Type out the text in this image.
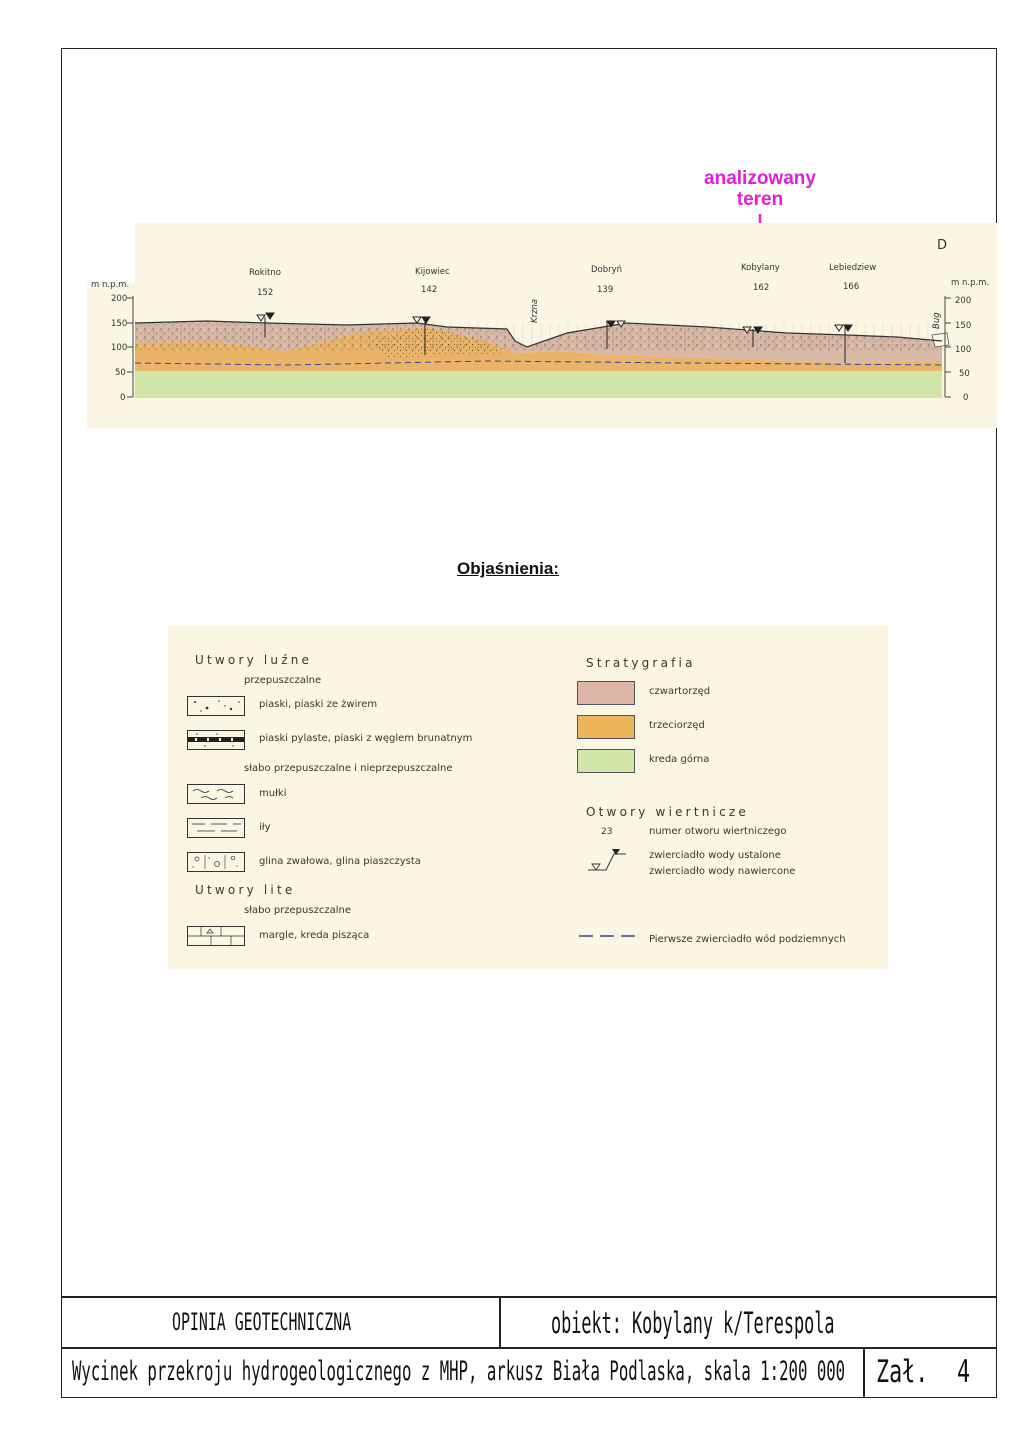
analizowany
teren
m n.p.m.	m n.p.m.
200
150
100
50
0
200
150
100
50
0
Rokitno
152
Kijowiec
142
Dobryń
139
Kobylany
162
Lebiedziew
166
Krzna	Bug
D
Objaśnienia:
Utwory luźne
przepuszczalne
piaski, piaski ze żwirem
piaski pylaste, piaski z węglem brunatnym
słabo przepuszczalne i nieprzepuszczalne
mułki
iły
glina zwałowa, glina piaszczysta
Utwory lite
słabo przepuszczalne
margle, kreda pisząca
Stratygrafia
czwartorzęd
trzeciorzęd
kreda górna
Otwory wiertnicze
23	numer otworu wiertniczego
zwierciadło wody ustalone
zwierciadło wody nawiercone
Pierwsze zwierciadło wód podziemnych
OPINIA GEOTECHNICZNA	obiekt: Kobylany k/Terespola
Wycinek przekroju hydrogeologicznego z MHP, arkusz Biała Podlaska, skala 1:200 000 Zał. 4
